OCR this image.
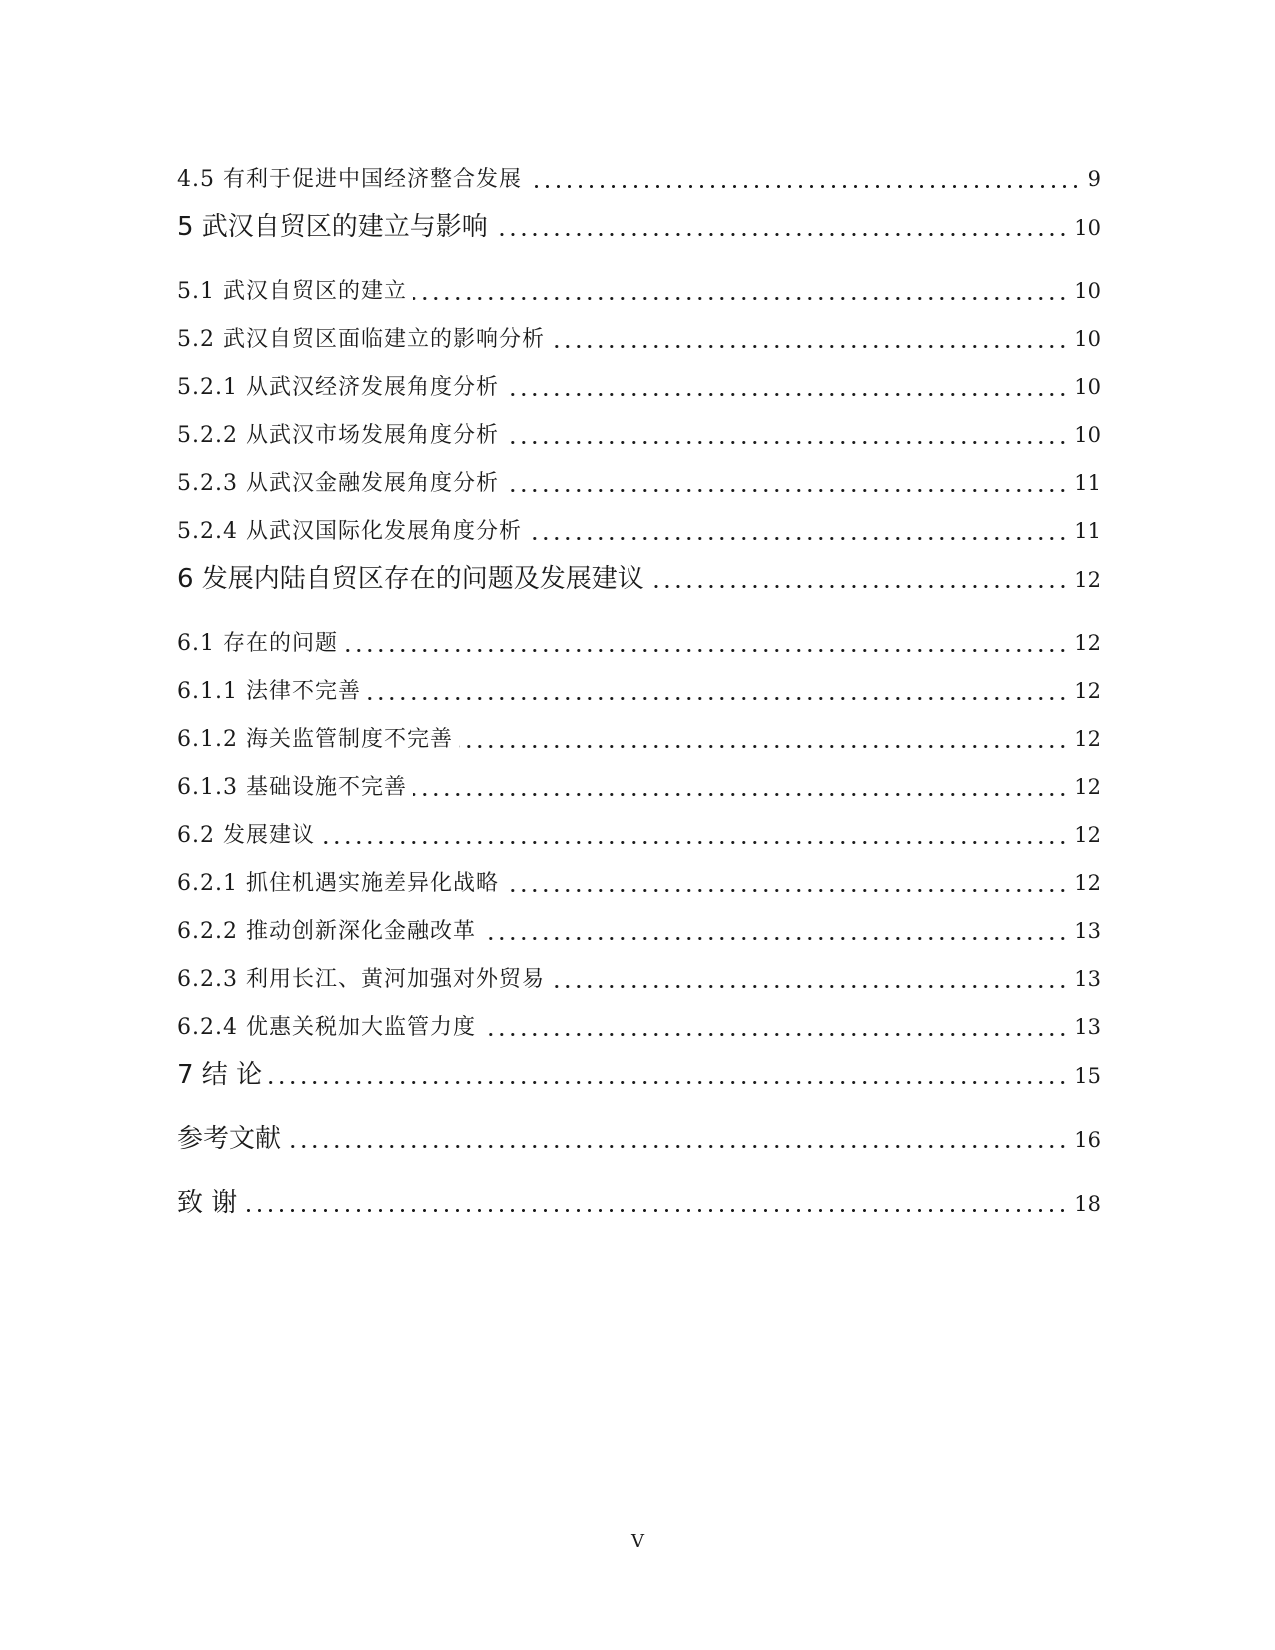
4.5 有利于促进中国经济整合发展	9
5 武汉自贸区的建立与影响	10
5.1 武汉自贸区的建立	10
5.2 武汉自贸区面临建立的影响分析	10
5.2.1 从武汉经济发展角度分析	10
5.2.2 从武汉市场发展角度分析	10
5.2.3 从武汉金融发展角度分析	11
5.2.4 从武汉国际化发展角度分析	11
6 发展内陆自贸区存在的问题及发展建议	12
6.1 存在的问题	12
6.1.1 法律不完善	12
6.1.2 海关监管制度不完善	12
6.1.3 基础设施不完善	12
6.2 发展建议	12
6.2.1 抓住机遇实施差异化战略	12
6.2.2 推动创新深化金融改革	13
6.2.3 利用长江、黄河加强对外贸易	13
6.2.4 优惠关税加大监管力度	13
7 结 论	15
参考文献	16
致 谢	18
V
